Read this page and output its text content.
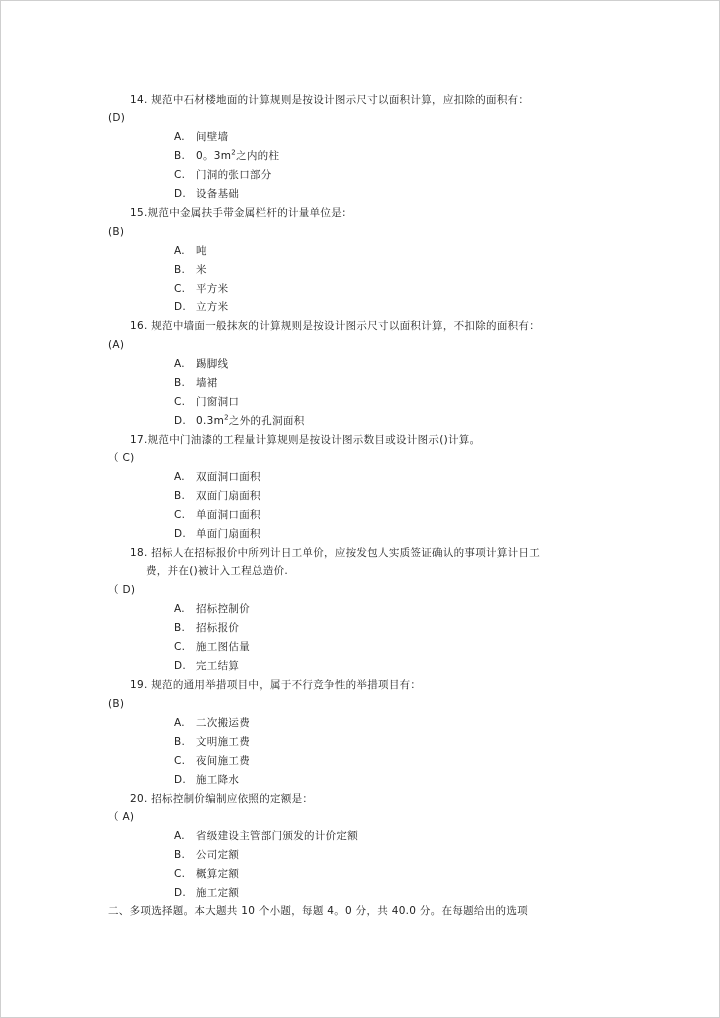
14. 规范中石材楼地面的计算规则是按设计图示尺寸以面积计算，应扣除的面积有：
(D)
A. 间壁墙
B. 0。$3m^2$之内的柱
C. 门洞的张口部分
D. 设备基础
15.规范中金属扶手带金属栏杆的计量单位是:
(B)
A. 吨
B. 米
C. 平方米
D. 立方米
16. 规范中墙面一般抹灰的计算规则是按设计图示尺寸以面积计算，不扣除的面积有：
(A)
A. 踢脚线
B. 墙裙
C. 门窗洞口
D. $0.3m^2$之外的孔洞面积
17.规范中门油漆的工程量计算规则是按设计图示数目或设计图示()计算。
（ C)
A. 双面洞口面积
B. 双面门扇面积
C. 单面洞口面积
D. 单面门扇面积
18. 招标人在招标报价中所列计日工单价，应按发包人实质签证确认的事项计算计日工
费，并在()被计入工程总造价.
（ D)
A. 招标控制价
B. 招标报价
C. 施工图估量
D. 完工结算
19. 规范的通用举措项目中，属于不行竞争性的举措项目有：
(B)
A. 二次搬运费
B. 文明施工费
C. 夜间施工费
D. 施工降水
20. 招标控制价编制应依照的定额是：
（ A)
A. 省级建设主管部门颁发的计价定额
B. 公司定额
C. 概算定额
D. 施工定额
二、多项选择题。本大题共 10 个小题，每题 4。0 分，共 40.0 分。在每题给出的选项
